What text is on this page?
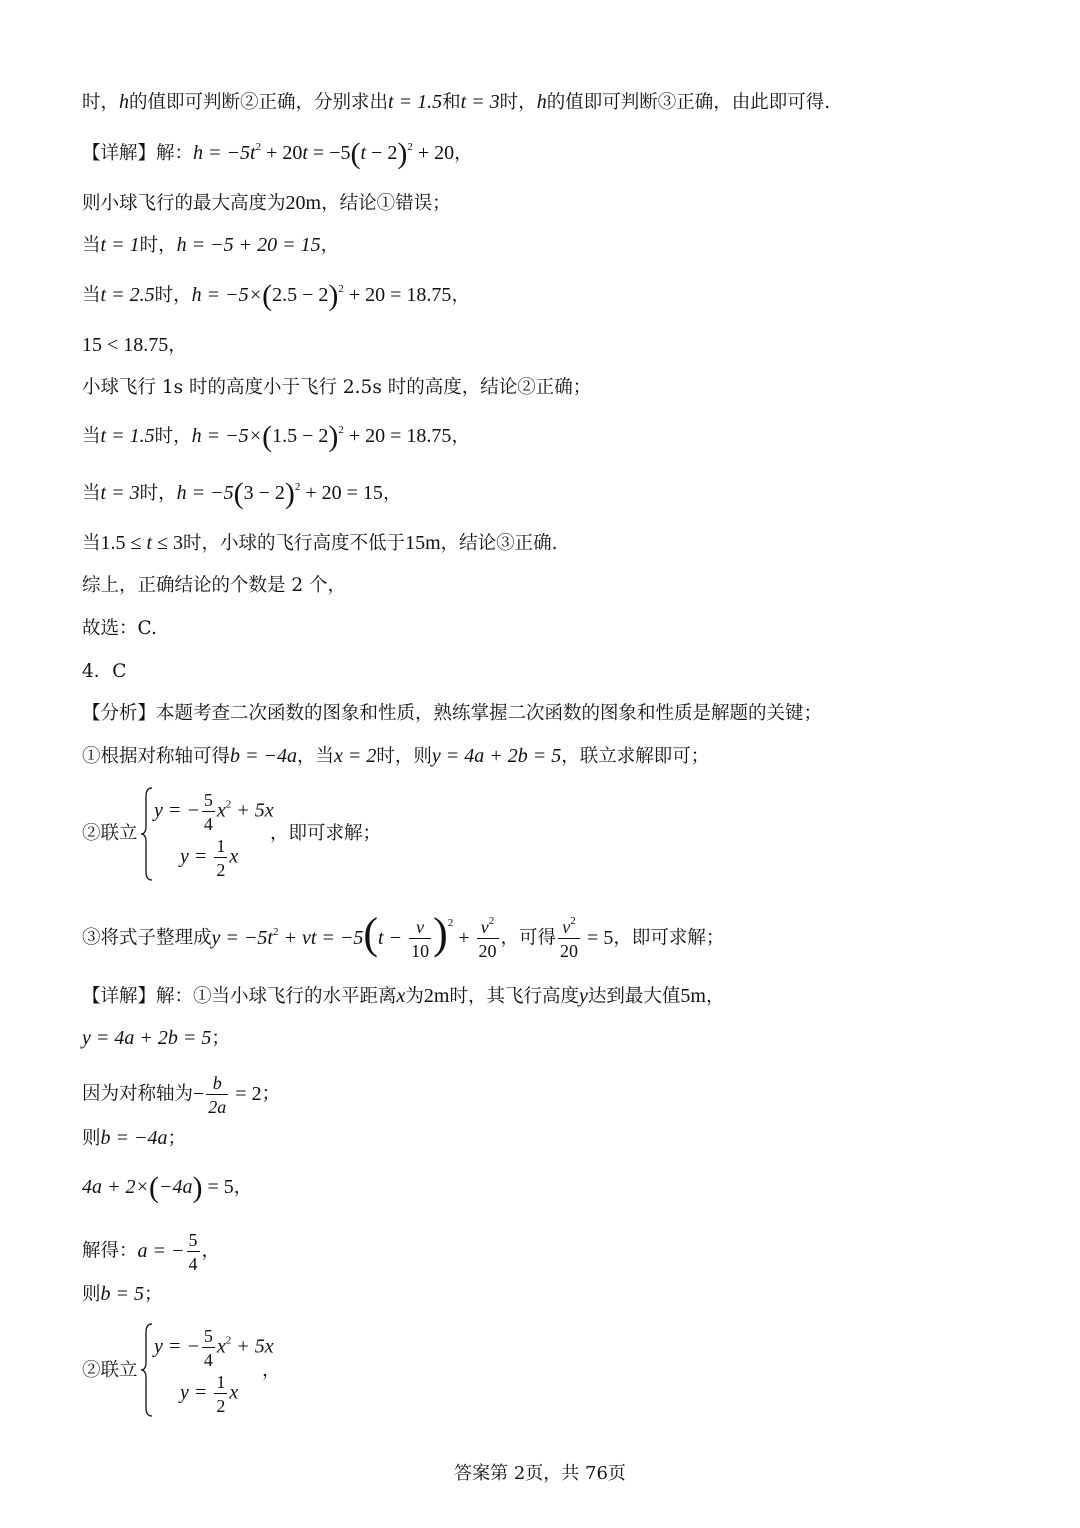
时，h的值即可判断②正确，分别求出t = 1.5和t = 3时，h的值即可判断③正确，由此即可得.
【详解】解：$h = -5t^2 + 20t = -5(t - 2)^2 + 20$，
则小球飞行的最大高度为20m，结论①错误；
当t = 1时，h = −5 + 20 = 15，
当t = 2.5时，$h = -5\times(2.5 - 2)^2 + 20 = 18.75$，
15 < 18.75，
小球飞行 1s 时的高度小于飞行 2.5s 时的高度，结论②正确；
当t = 1.5时，$h = -5\times(1.5 - 2)^2 + 20 = 18.75$，
当t = 3时，$h = -5(3 - 2)^2 + 20 = 15$，
当1.5 ≤ t ≤ 3时，小球的飞行高度不低于15m，结论③正确.
综上，正确结论的个数是 2 个，
故选：C.
4．C
【分析】本题考查二次函数的图象和性质，熟练掌握二次函数的图象和性质是解题的关键；
①根据对称轴可得b = −4a，当x = 2时，则y = 4a + 2b = 5，联立求解即可；
②联立
y = − $\frac{5}{4} x^2 + 5x$
$y = \frac{1}{2}$ x
，即可求解；
③将式子整理成$y = -5t^2$ + vt = $-5(t - \frac{v}{10} )^2 + \frac{v^2}{20}$ ，可得 $\frac{v^2}{20} = 5$，即可求解；
【详解】解：①当小球飞行的水平距离x为2m时，其飞行高度y达到最大值5m，
y = 4a + 2b = 5；
因为对称轴为− $\frac{b}{2a} = 2$；
则b = −4a；
4a + 2×(−4a) = 5，
解得：a = − $\frac{5}{4}$ ，
则b = 5；
②联立
y = − $\frac{5}{4} x^2 + 5x$
$y = \frac{1}{2}$ x
，
答案第 2页，共 76页
